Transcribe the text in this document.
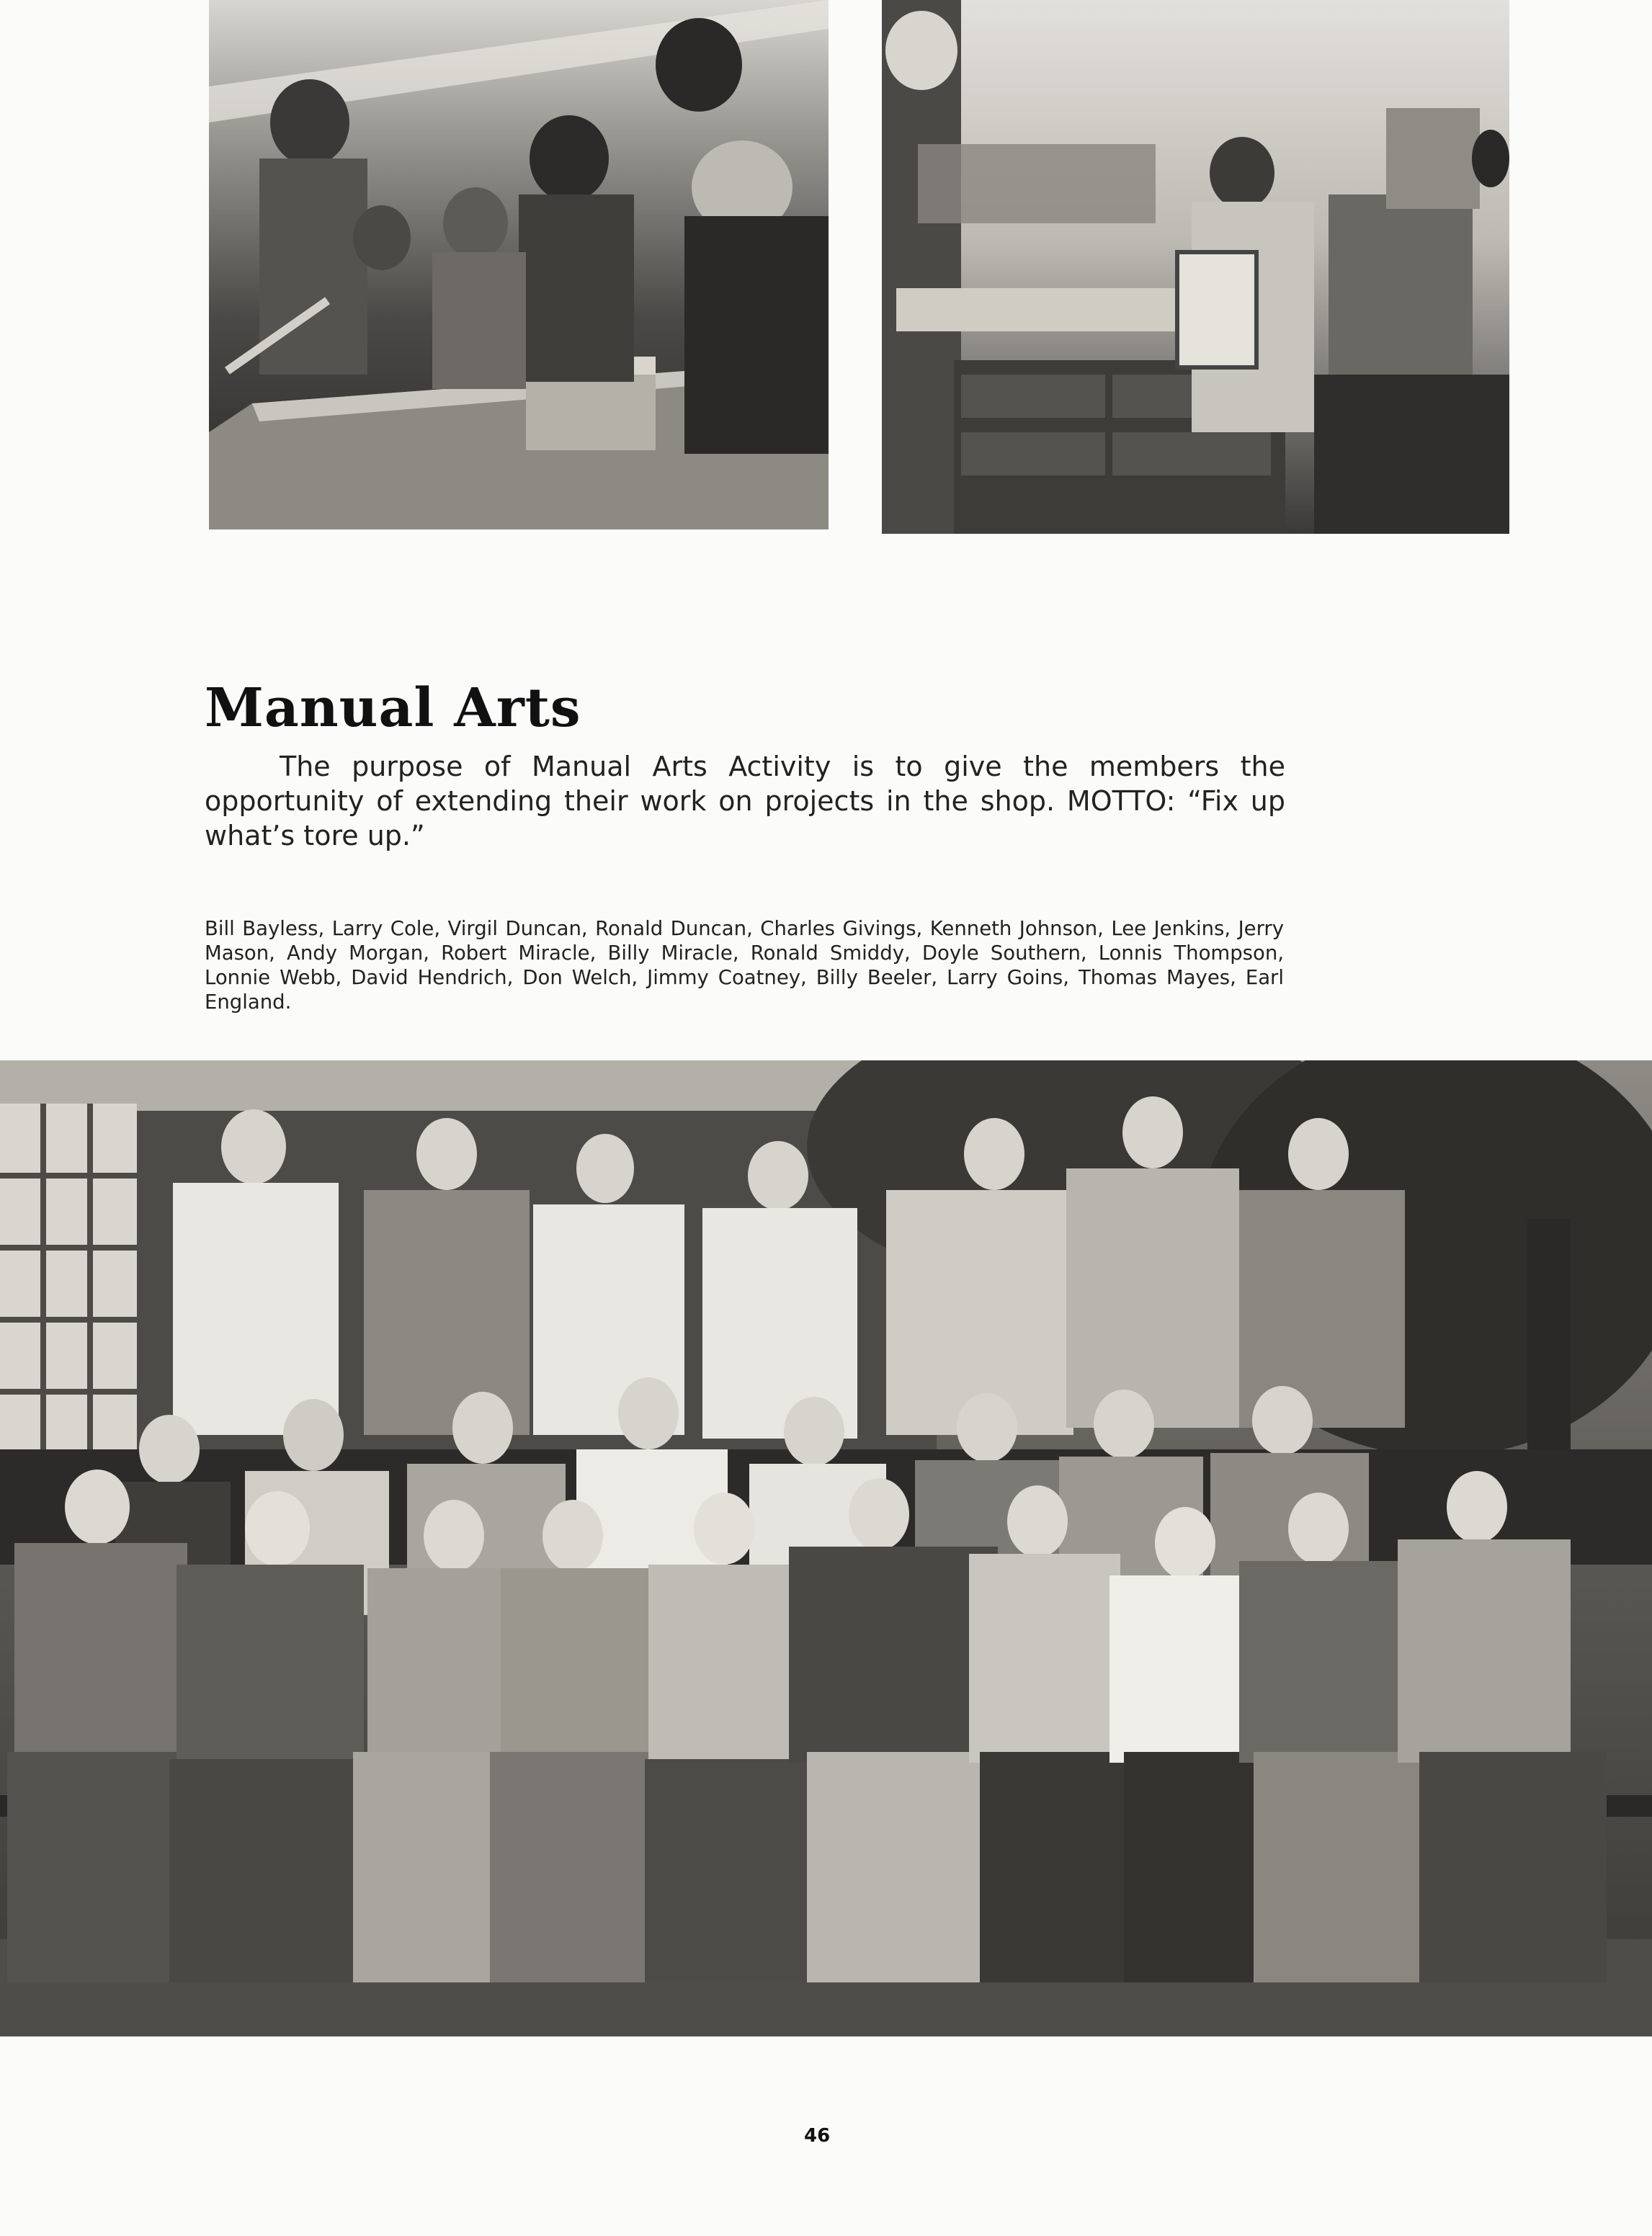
Manual Arts

The purpose of Manual Arts Activity is to give the members the opportunity of extending their work on projects in the shop. MOTTO: “Fix up what’s tore up.”

Bill Bayless, Larry Cole, Virgil Duncan, Ronald Duncan, Charles Givings, Kenneth Johnson, Lee Jenkins, Jerry Mason, Andy Morgan, Robert Miracle, Billy Miracle, Ronald Smiddy, Doyle Southern, Lonnis Thompson, Lonnie Webb, David Hendrich, Don Welch, Jimmy Coatney, Billy Beeler, Larry Goins, Thomas Mayes, Earl England.

46
